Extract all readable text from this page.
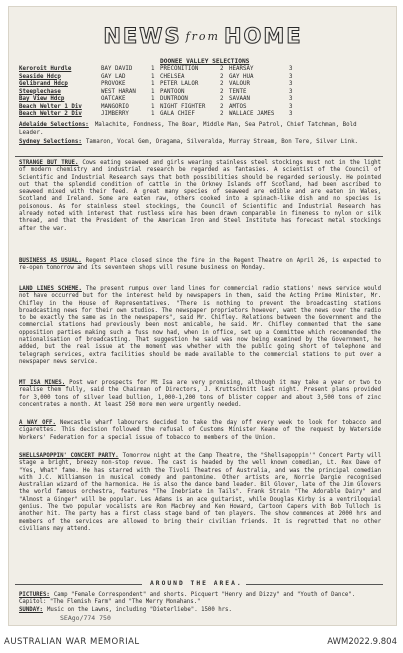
NEWS from HOME
DOONEE VALLEY SELECTIONS
Keroroit Hurdle	BAY DAVID	1	PRECONITION	2	HEARSAY	3
Seaside Hdcp	GAY LAD	1	CHELSEA	2	GAY HUA	3
Gelibrand Hdcp	PROVOKE	1	PETER LALOR	2	VALOUR	3
Steeplechase	WEST HARAN	1	PANTOON	2	TENTE	3
Bay View Hdcp	OATCAKE	1	DUNTROON	2	SAVAAN	3
Beach Welter 1 Div	MANGORIO	1	NIGHT FIGHTER	2	AMTOS	3
Beach Welter 2 Div	JIMBERRY	1	GALA CHIEF	2	WALLACE JAMES	3
Adelaide Selections: Malachite, Fondness, The Boar, Middle Man, Sea Patrol, Chief Tatchman, Bold Leader.
Sydney Selections: Tamaron, Vocal Gem, Oragama, Silveralda, Murray Stream, Bon Tere, Silver Link.
STRANGE BUT TRUE. Cows eating seaweed and girls wearing stainless steel stockings must not in the light of modern chemistry and industrial research be regarded as fantasies. A scientist of the Council of Scientific and Industrial Research says that both possibilities should be regarded seriously. He pointed out that the splendid condition of cattle in the Orkney Islands off Scotland, had been ascribed to seaweed mixed with their feed. A great many species of seaweed are edible and are eaten in Wales, Scotland and Ireland. Some are eaten raw, others cooked into a spinach-like dish and no species is poisonous. As for stainless steel stockings, the Council of Scientific and Industrial Research has already noted with interest that rustless wire has been drawn comparable in fineness to nylon or silk thread, and that the President of the American Iron and Steel Institute has forecast metal stockings after the war.
BUSINESS AS USUAL. Regent Place closed since the fire in the Regent Theatre on April 26, is expected to re-open tomorrow and its seventeen shops will resume business on Monday.
LAND LINES SCHEME. The present rumpus over land lines for commercial radio stations' news service would not have occurred but for the interest held by newspapers in them, said the Acting Prime Minister, Mr. Chifley in the House of Representatives. "There is nothing to prevent the broadcasting stations broadcasting news for their own studios. The newspaper proprietors however, want the news over the radio to be exactly the same as in the newspapers", said Mr. Chifley. Relations between the Government and the commercial stations had previously been most amicable, he said. Mr. Chifley commented that the same opposition parties making such a fuss now had, when in office, set up a Committee which recommended the nationalisation of broadcasting. That suggestion he said was now being examined by the Government, he added, but the real issue at the moment was whether with the public going short of telephone and telegraph services, extra facilities should be made available to the commercial stations to put over a newspaper news service.
MT ISA MINES. Post war prospects for Mt Isa are very promising, although it may take a year or two to realise them fully, said the Chairman of Directors, J. Kruttschnitt last night. Present plans provided for 3,000 tons of silver lead bullion, 1,000-1,200 tons of blister copper and about 3,500 tons of zinc concentrates a month. At least 250 more men were urgently needed.
A WAY OFF. Newcastle wharf labourers decided to take the day off every week to look for tobacco and cigarettes. This decision followed the refusal of Customs Minister Keane of the request by Waterside Workers' Federation for a special issue of tobacco to members of the Union.
SHELLSAPOPPIN' CONCERT PARTY. Tomorrow night at the Camp Theatre, the "Shellsapoppin'" Concert Party will stage a bright, breezy non-stop revue. The cast is headed by the well known comedian, Lt. Rex Dawe of "Yes, What" fame. He has starred with the Tivoli Theatres of Australia, and was the principal comedian with J.C. Williamson in musical comedy and pantomime. Other artists are, Norrie Dargie recognised Australian wizard of the harmonica. He is also the dance band leader. Bil Glover, late of the Jim Glovers the world famous orchestra, features "The Inebriate in Tails". Frank Strain "The Adorable Dairy" and "Almost a Ginger" will be popular. Les Adams is an ace guitarist, while Douglas Kirby is a ventriloquial genius. The two popular vocalists are Ron Macbrey and Ken Howard, Cartoon Capers with Bob Tulloch is another hit. The party has a first class stage band of ten players. The show commences at 2000 hrs and members of the services are allowed to bring their civilian friends. It is regretted that no other civilians may attend.
AROUND THE AREA.
PICTURES: Camp "Female Correspondent" and shorts. Picquert "Henry and Dizzy" and "Youth of Dance". Capitol: "The Flemish Farm" and "The Merry Monahans."
SUNDAY: Music on the Lawns, including "Dieterliebe". 1500 hrs.
SEAgo/774 750
AUSTRALIAN WAR MEMORIAL	AWM2022.9.804
